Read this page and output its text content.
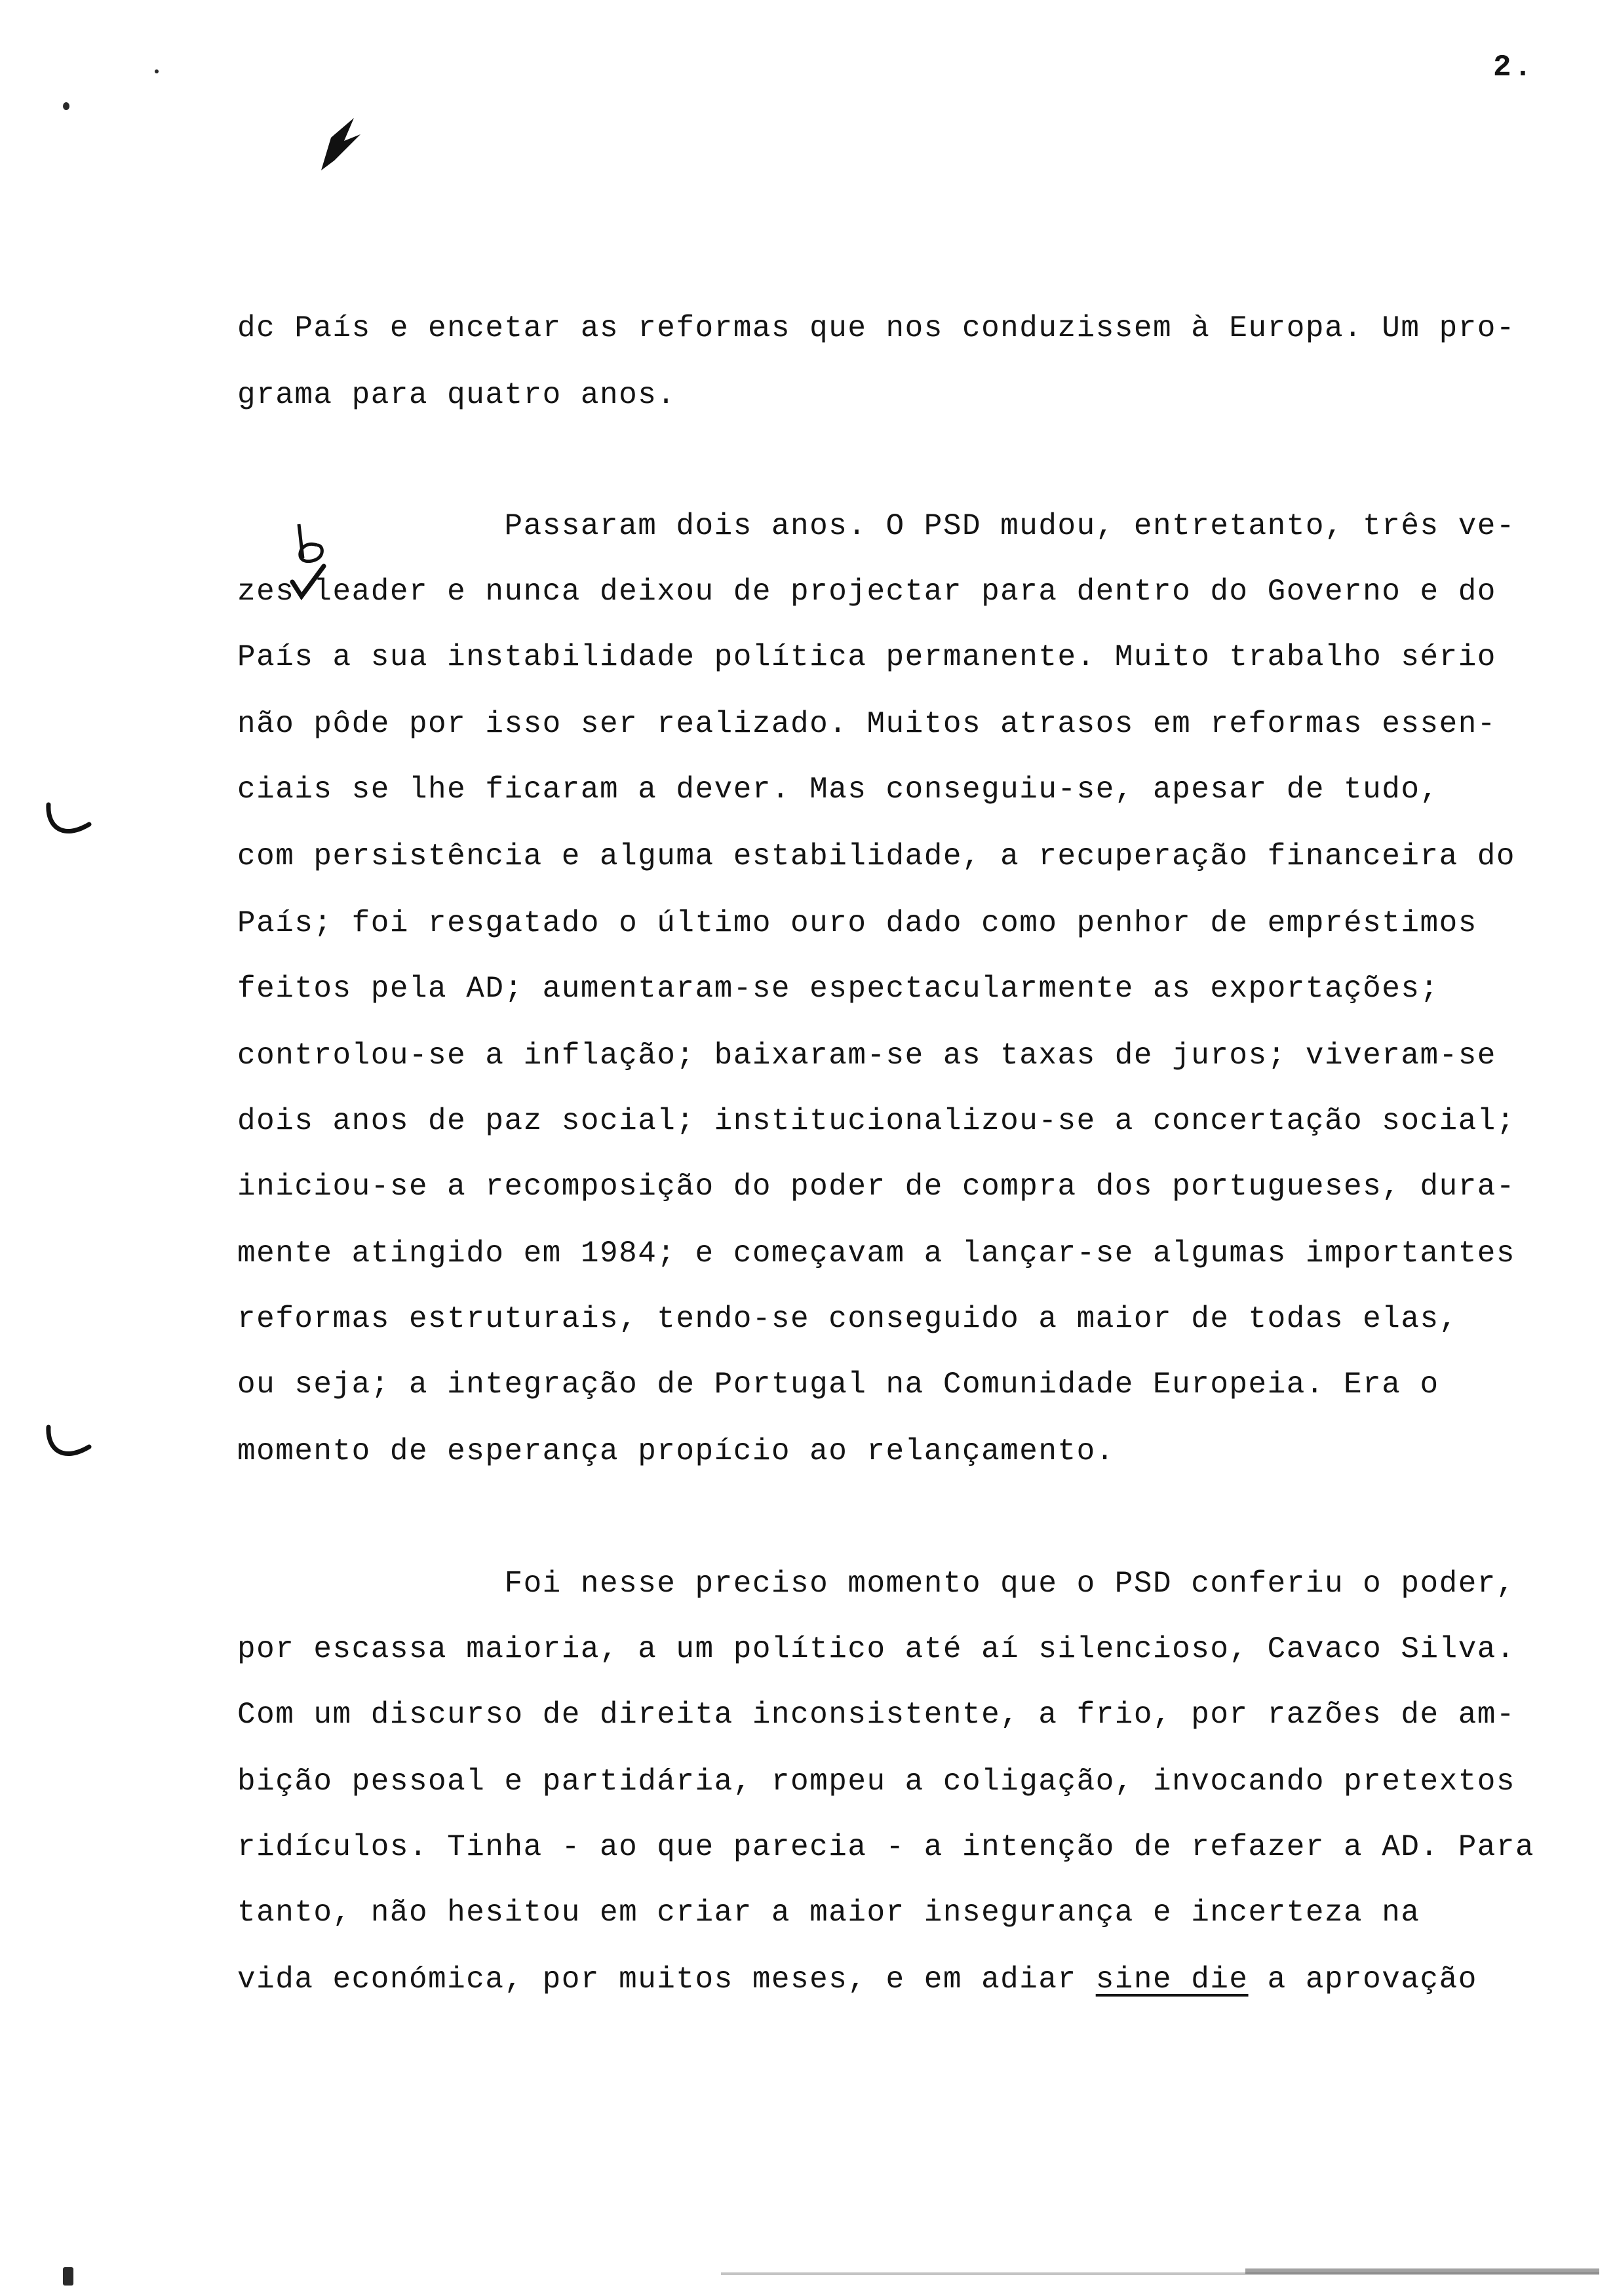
2.
dc País e encetar as reformas que nos conduzissem à Europa. Um pro-
grama para quatro anos.
Passaram dois anos. O PSD mudou, entretanto, três ve-
zes leader e nunca deixou de projectar para dentro do Governo e do
País a sua instabilidade política permanente. Muito trabalho sério
não pôde por isso ser realizado. Muitos atrasos em reformas essen-
ciais se lhe ficaram a dever. Mas conseguiu-se, apesar de tudo,
com persistência e alguma estabilidade, a recuperação financeira do
País; foi resgatado o último ouro dado como penhor de empréstimos
feitos pela AD; aumentaram-se espectacularmente as exportações;
controlou-se a inflação; baixaram-se as taxas de juros; viveram-se
dois anos de paz social; institucionalizou-se a concertação social;
iniciou-se a recomposição do poder de compra dos portugueses, dura-
mente atingido em 1984; e começavam a lançar-se algumas importantes
reformas estruturais, tendo-se conseguido a maior de todas elas,
ou seja; a integração de Portugal na Comunidade Europeia. Era o
momento de esperança propício ao relançamento.
Foi nesse preciso momento que o PSD conferiu o poder,
por escassa maioria, a um político até aí silencioso, Cavaco Silva.
Com um discurso de direita inconsistente, a frio, por razões de am-
bição pessoal e partidária, rompeu a coligação, invocando pretextos
ridículos. Tinha - ao que parecia - a intenção de refazer a AD. Para
tanto, não hesitou em criar a maior insegurança e incerteza na
vida económica, por muitos meses, e em adiar sine die a aprovação
